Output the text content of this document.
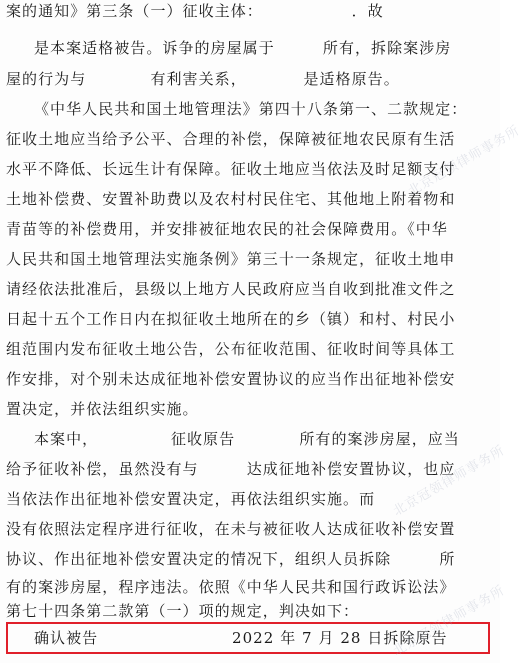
案的通知》第三条（一）征收主体：　　　　　　．故
是本案适格被告。诉争的房屋属于　　　所有，拆除案涉房
屋的行为与　　　　有利害关系，　　　　是适格原告。
《中华人民共和国土地管理法》第四十八条第一、二款规定：
征收土地应当给予公平、合理的补偿，保障被征地农民原有生活
水平不降低、长远生计有保障。征收土地应当依法及时足额支付
土地补偿费、安置补助费以及农村村民住宅、其他地上附着物和
青苗等的补偿费用，并安排被征地农民的社会保障费用。《中华
人民共和国土地管理法实施条例》第三十一条规定，征收土地申
请经依法批准后，县级以上地方人民政府应当自收到批准文件之
日起十五个工作日内在拟征收土地所在的乡（镇）和村、村民小
组范围内发布征收土地公告，公布征收范围、征收时间等具体工
作安排，对个别未达成征地补偿安置协议的应当作出征地补偿安
置决定，并依法组织实施。
本案中，　　　　　征收原告　　　　所有的案涉房屋，应当
给予征收补偿，虽然没有与　　　达成征地补偿安置协议，也应
当依法作出征地补偿安置决定，再依法组织实施。而
没有依照法定程序进行征收，在未与被征收人达成征收补偿安置
协议、作出征地补偿安置决定的情况下，组织人员拆除　　　所
有的案涉房屋，程序违法。依照《中华人民共和国行政诉讼法》
第七十四条第二款第（一）项的规定，判决如下：
确认被告	2022 年 7 月 28 日拆除原告
北京冠领律师事务所
北京冠领律师事务所
北京冠领律师事务所
